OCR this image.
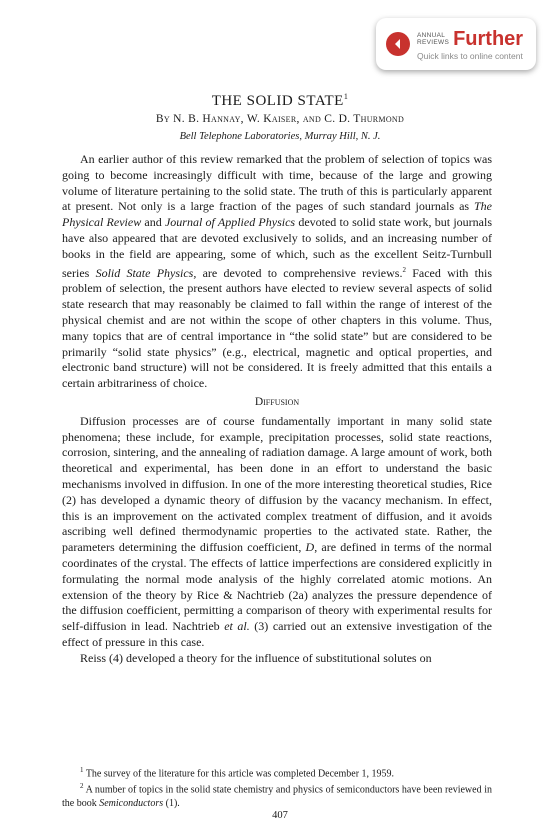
ANNUAL
REVIEWS Further
Quick links to online content
THE SOLID STATE$^1$
By N. B. Hannay, W. Kaiser, and C. D. Thurmond
Bell Telephone Laboratories, Murray Hill, N. J.

An earlier author of this review remarked that the problem of selection of topics was going to become increasingly difficult with time, because of the large and growing volume of literature pertaining to the solid state. The truth of this is particularly apparent at present. Not only is a large fraction of the pages of such standard journals as The Physical Review and Journal of Applied Physics devoted to solid state work, but journals have also appeared that are devoted exclusively to solids, and an increasing number of books in the field are appearing, some of which, such as the excellent Seitz-Turnbull series Solid State Physics, are devoted to comprehensive reviews.$^2$ Faced with this problem of selection, the present authors have elected to review several aspects of solid state research that may reasonably be claimed to fall within the range of interest of the physical chemist and are not within the scope of other chapters in this volume. Thus, many topics that are of central importance in “the solid state” but are considered to be primarily “solid state physics” (e.g., electrical, magnetic and optical properties, and electronic band structure) will not be considered. It is freely admitted that this entails a certain arbitrariness of choice.

Diffusion

Diffusion processes are of course fundamentally important in many solid state phenomena; these include, for example, precipitation processes, solid state reactions, corrosion, sintering, and the annealing of radiation damage. A large amount of work, both theoretical and experimental, has been done in an effort to understand the basic mechanisms involved in diffusion. In one of the more interesting theoretical studies, Rice (2) has developed a dynamic theory of diffusion by the vacancy mechanism. In effect, this is an improvement on the activated complex treatment of diffusion, and it avoids ascribing well defined thermodynamic properties to the activated state. Rather, the parameters determining the diffusion coefficient, D, are defined in terms of the normal coordinates of the crystal. The effects of lattice imperfections are considered explicitly in formulating the normal mode analysis of the highly correlated atomic motions. An extension of the theory by Rice & Nachtrieb (2a) analyzes the pressure dependence of the diffusion coefficient, permitting a comparison of theory with experimental results for self-diffusion in lead. Nachtrieb et al. (3) carried out an extensive investigation of the effect of pressure in this case.

Reiss (4) developed a theory for the influence of substitutional solutes on

$^1$ The survey of the literature for this article was completed December 1, 1959.

$^2$ A number of topics in the solid state chemistry and physics of semiconductors have been reviewed in the book Semiconductors (1).

407
